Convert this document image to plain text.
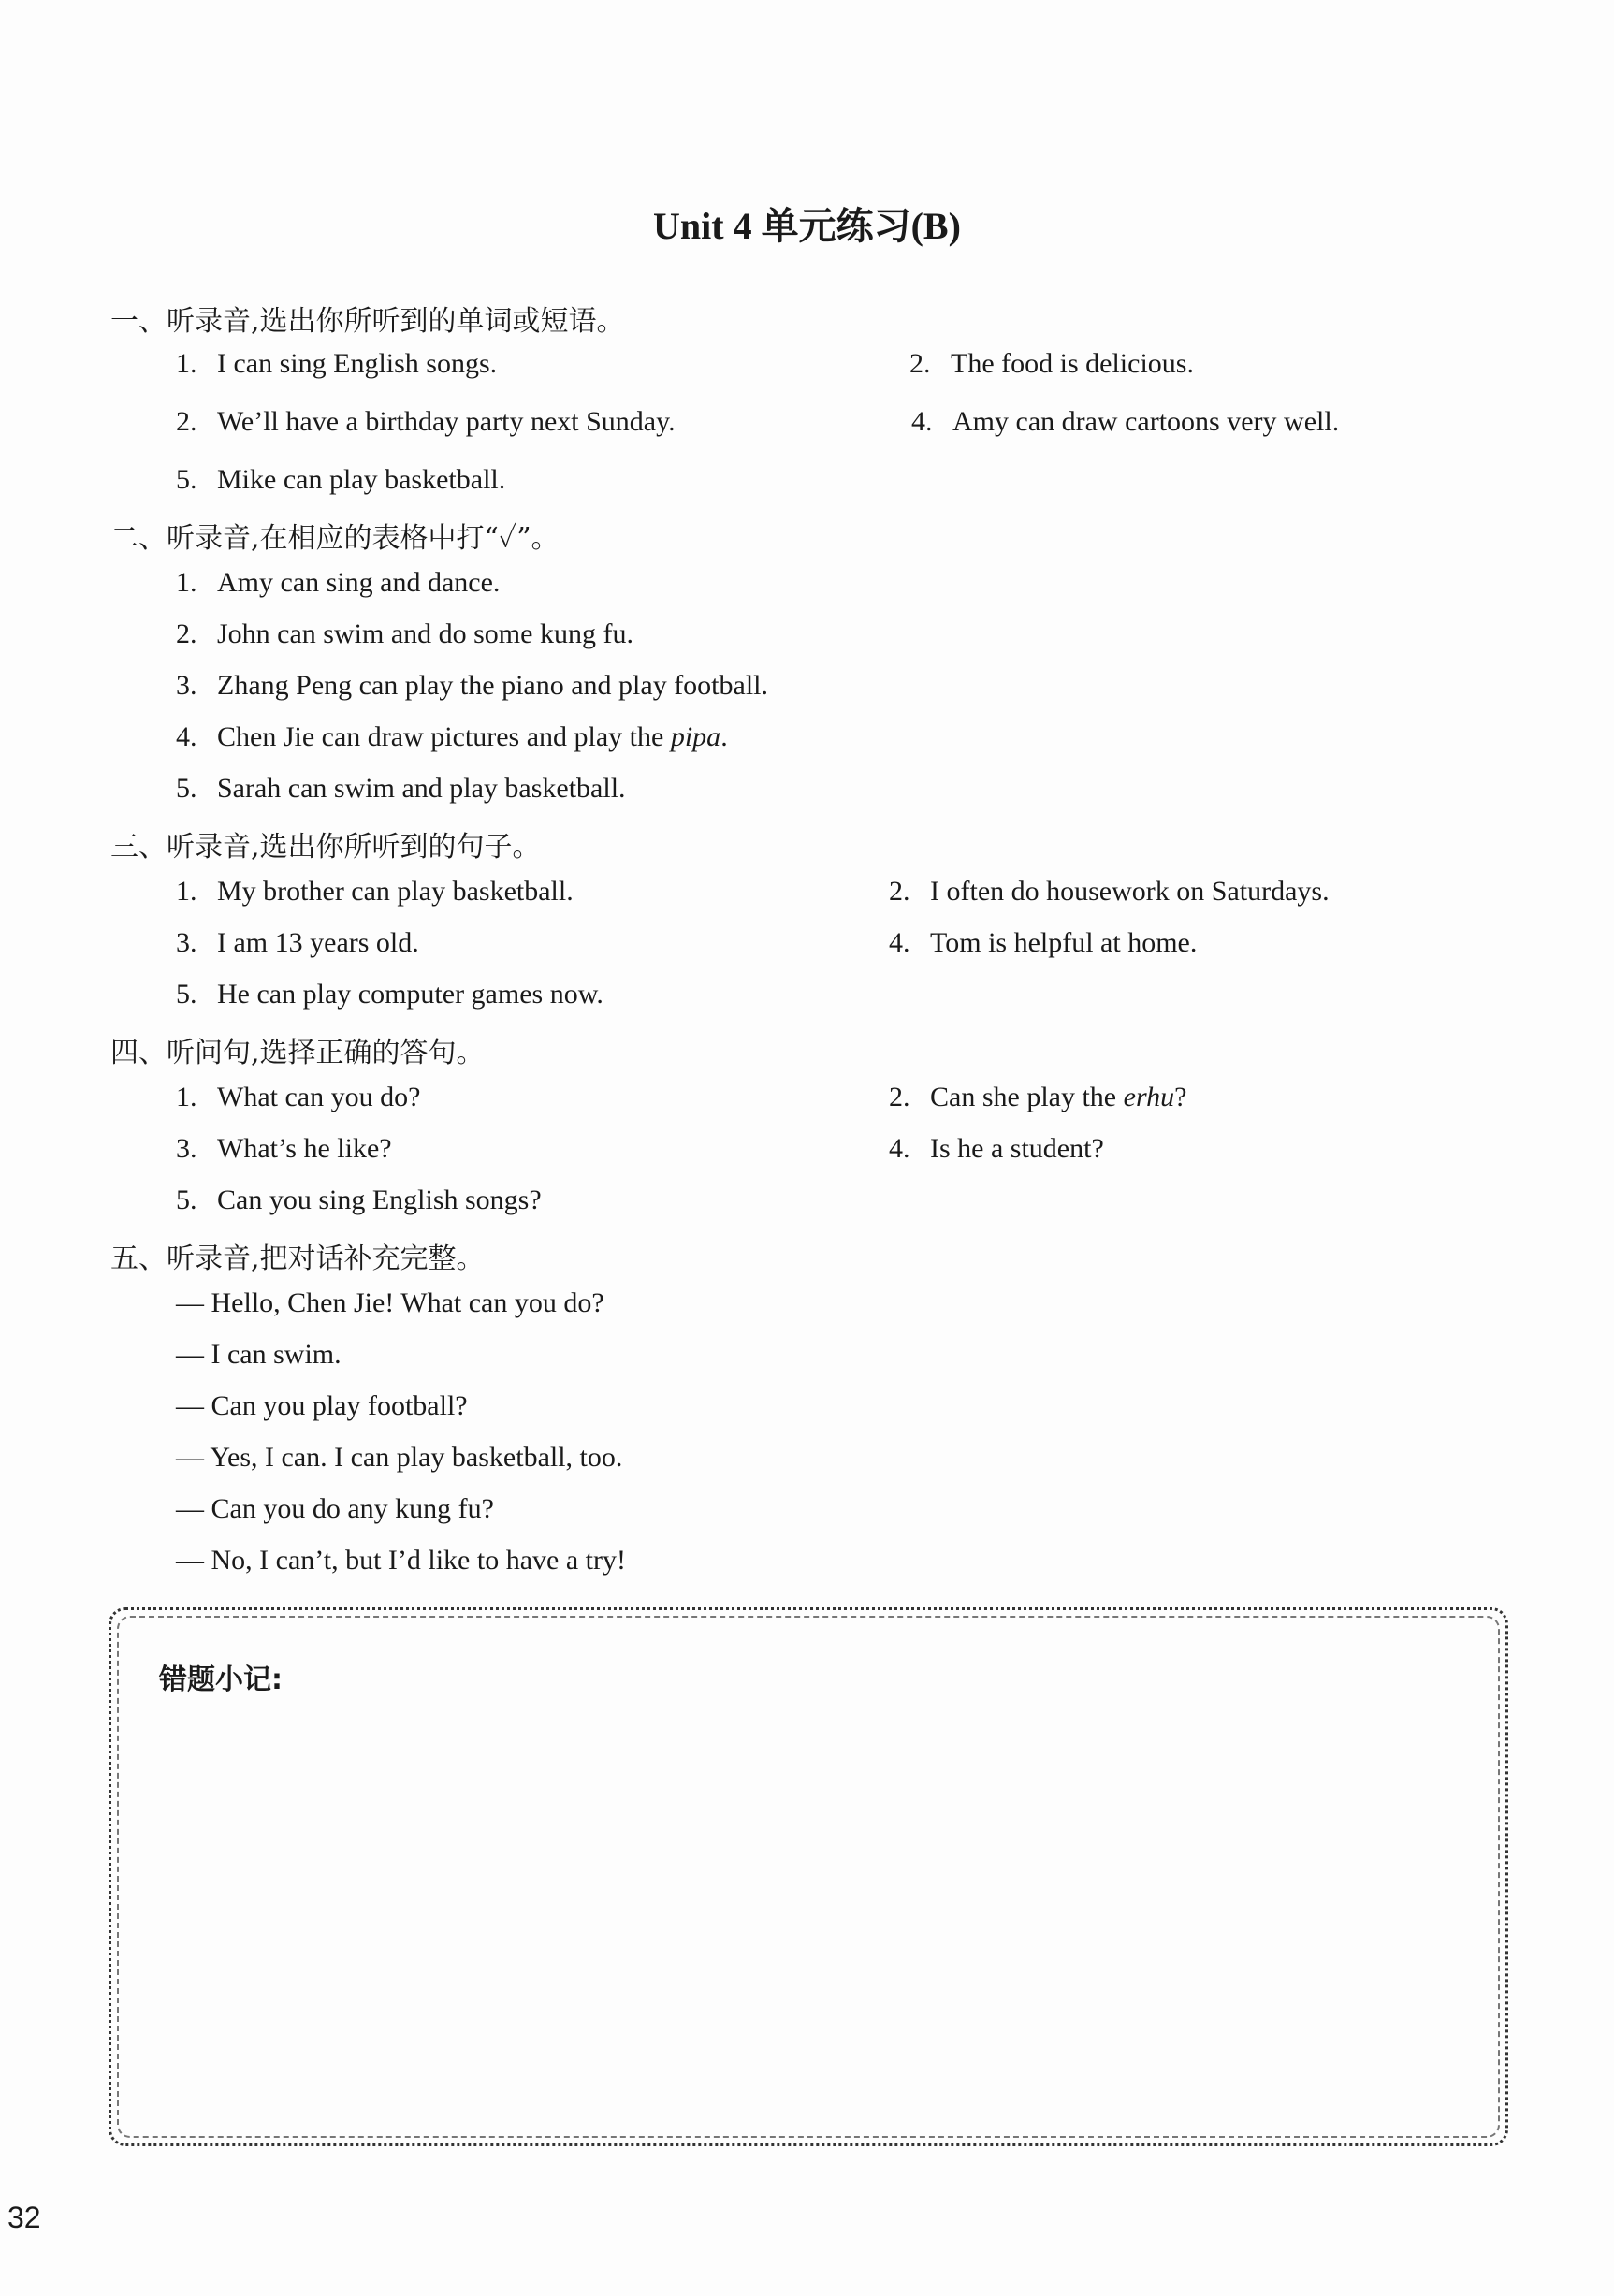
Unit 4 单元练习(B)
一、听录音,选出你所听到的单词或短语。
1. I can sing English songs.	2. The food is delicious.
2. We’ll have a birthday party next Sunday.	4. Amy can draw cartoons very well.
5. Mike can play basketball.
二、听录音,在相应的表格中打“✓”。
1. Amy can sing and dance.
2. John can swim and do some kung fu.
3. Zhang Peng can play the piano and play football.
4. Chen Jie can draw pictures and play the pipa.
5. Sarah can swim and play basketball.
三、听录音,选出你所听到的句子。
1. My brother can play basketball.	2. I often do housework on Saturdays.
3. I am 13 years old.	4. Tom is helpful at home.
5. He can play computer games now.
四、听问句,选择正确的答句。
1. What can you do?	2. Can she play the erhu?
3. What’s he like?	4. Is he a student?
5. Can you sing English songs?
五、听录音,把对话补充完整。
— Hello, Chen Jie! What can you do?
— I can swim.
— Can you play football?
— Yes, I can. I can play basketball, too.
— Can you do any kung fu?
— No, I can’t, but I’d like to have a try!
错题小记:
32
